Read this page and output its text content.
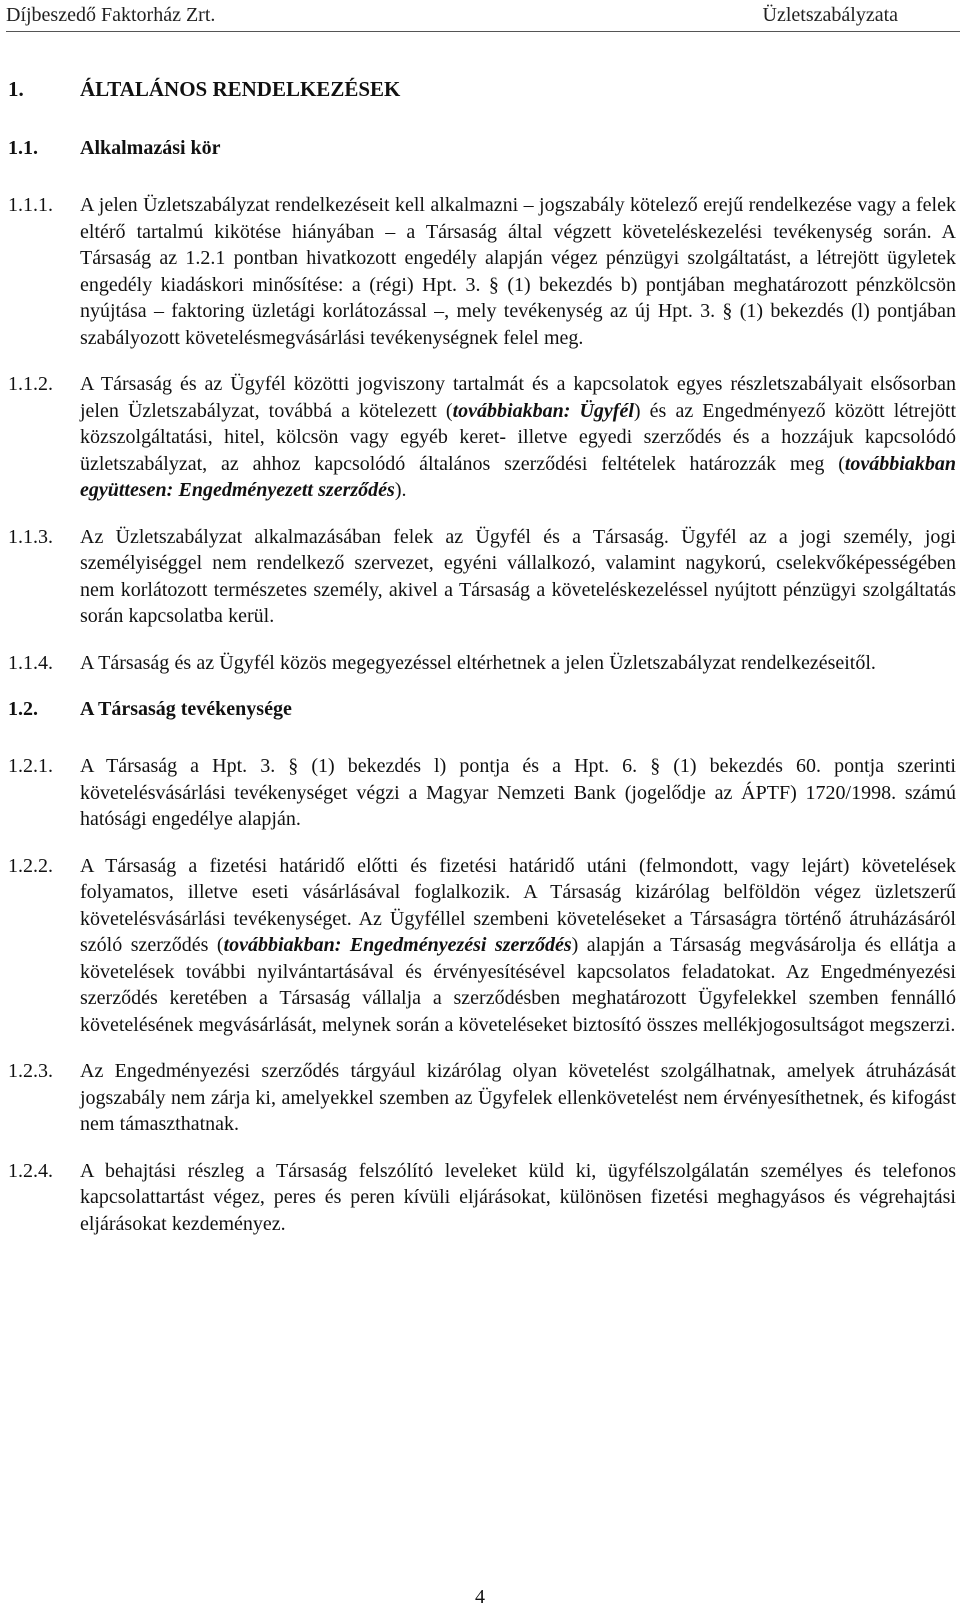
Díjbeszedő Faktorház Zrt.	Üzletszabályzata
1.	ÁLTALÁNOS RENDELKEZÉSEK
1.1.	Alkalmazási kör
1.1.1.	A jelen Üzletszabályzat rendelkezéseit kell alkalmazni – jogszabály kötelező erejű rendelkezése vagy a felek eltérő tartalmú kikötése hiányában – a Társaság által végzett követeléskezelési tevékenység során. A Társaság az 1.2.1 pontban hivatkozott engedély alapján végez pénzügyi szolgáltatást, a létrejött ügyletek engedély kiadáskori minősítése: a (régi) Hpt. 3. § (1) bekezdés b) pontjában meghatározott pénzkölcsön nyújtása – faktoring üzletági korlátozással –, mely tevékenység az új Hpt. 3. § (1) bekezdés (l) pontjában szabályozott követelésmegvásárlási tevékenységnek felel meg.
1.1.2.	A Társaság és az Ügyfél közötti jogviszony tartalmát és a kapcsolatok egyes részletszabályait elsősorban jelen Üzletszabályzat, továbbá a kötelezett (továbbiakban: Ügyfél) és az Engedményező között létrejött közszolgáltatási, hitel, kölcsön vagy egyéb keret- illetve egyedi szerződés és a hozzájuk kapcsolódó üzletszabályzat, az ahhoz kapcsolódó általános szerződési feltételek határozzák meg (továbbiakban együttesen: Engedményezett szerződés).
1.1.3.	Az Üzletszabályzat alkalmazásában felek az Ügyfél és a Társaság. Ügyfél az a jogi személy, jogi személyiséggel nem rendelkező szervezet, egyéni vállalkozó, valamint nagykorú, cselekvőképességében nem korlátozott természetes személy, akivel a Társaság a követeléskezeléssel nyújtott pénzügyi szolgáltatás során kapcsolatba kerül.
1.1.4.	A Társaság és az Ügyfél közös megegyezéssel eltérhetnek a jelen Üzletszabályzat rendelkezéseitől.
1.2.	A Társaság tevékenysége
1.2.1.	A Társaság a Hpt. 3. § (1) bekezdés l) pontja és a Hpt. 6. § (1) bekezdés 60. pontja szerinti követelésvásárlási tevékenységet végzi a Magyar Nemzeti Bank (jogelődje az ÁPTF) 1720/1998. számú hatósági engedélye alapján.
1.2.2.	A Társaság a fizetési határidő előtti és fizetési határidő utáni (felmondott, vagy lejárt) követelések folyamatos, illetve eseti vásárlásával foglalkozik. A Társaság kizárólag belföldön végez üzletszerű követelésvásárlási tevékenységet. Az Ügyféllel szembeni követeléseket a Társaságra történő átruházásáról szóló szerződés (továbbiakban: Engedményezési szerződés) alapján a Társaság megvásárolja és ellátja a követelések további nyilvántartásával és érvényesítésével kapcsolatos feladatokat. Az Engedményezési szerződés keretében a Társaság vállalja a szerződésben meghatározott Ügyfelekkel szemben fennálló követelésének megvásárlását, melynek során a követeléseket biztosító összes mellékjogosultságot megszerzi.
1.2.3.	Az Engedményezési szerződés tárgyául kizárólag olyan követelést szolgálhatnak, amelyek átruházását jogszabály nem zárja ki, amelyekkel szemben az Ügyfelek ellenkövetelést nem érvényesíthetnek, és kifogást nem támaszthatnak.
1.2.4.	A behajtási részleg a Társaság felszólító leveleket küld ki, ügyfélszolgálatán személyes és telefonos kapcsolattartást végez, peres és peren kívüli eljárásokat, különösen fizetési meghagyásos és végrehajtási eljárásokat kezdeményez.
4
